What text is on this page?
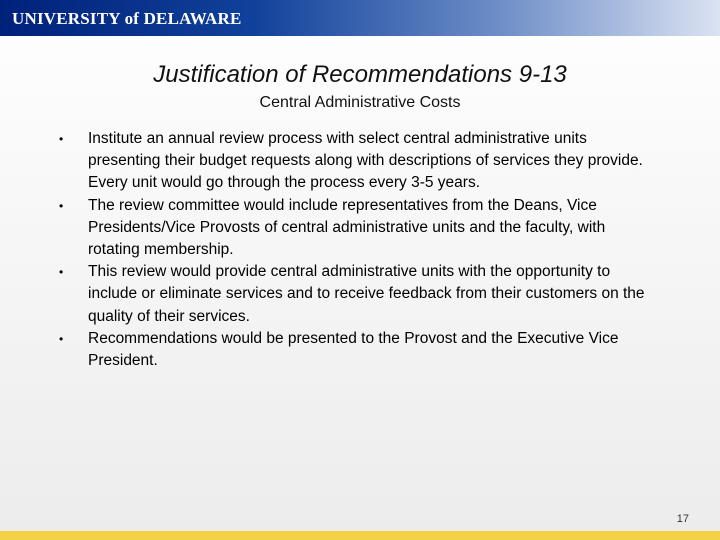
UNIVERSITY of DELAWARE
Justification of Recommendations 9-13
Central Administrative Costs
• Institute an annual review process with select central administrative units presenting their budget requests along with descriptions of services they provide. Every unit would go through the process every 3-5 years.
• The review committee would include representatives from the Deans, Vice Presidents/Vice Provosts of central administrative units and the faculty, with rotating membership.
• This review would provide central administrative units with the opportunity to include or eliminate services and to receive feedback from their customers on the quality of their services.
• Recommendations would be presented to the Provost and the Executive Vice President.
17
